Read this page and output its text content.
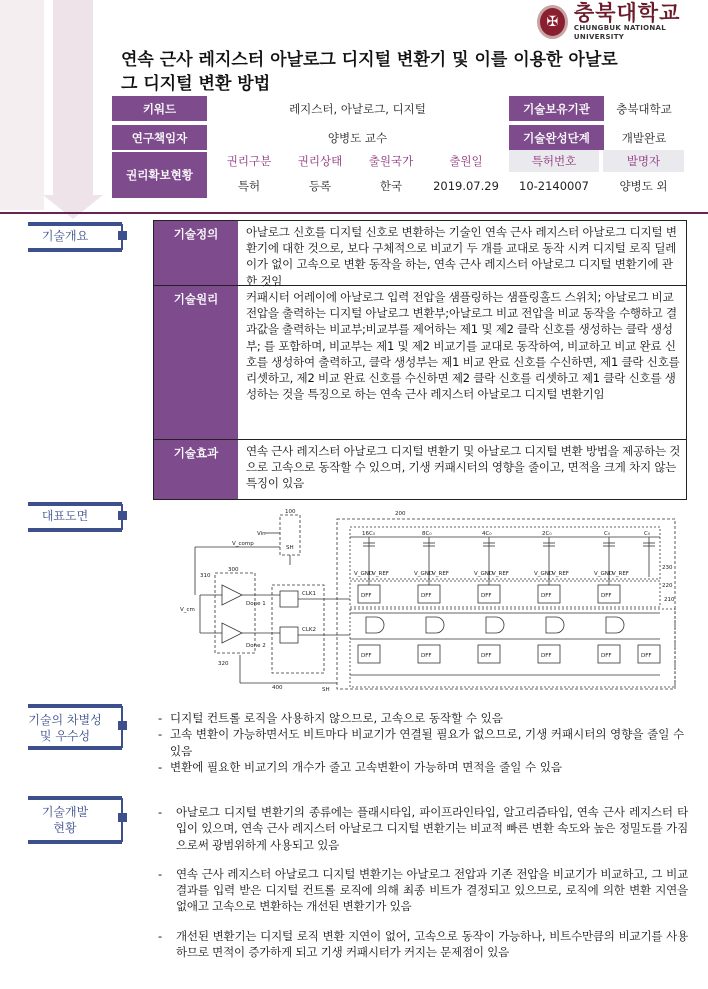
✠ 충북대학교
CHUNGBUK NATIONAL UNIVERSITY
연속 근사 레지스터 아날로그 디지털 변환기 및 이를 이용한 아날로그 디지털 변환 방법
키워드	레지스터, 아날로그, 디지털	기술보유기관	충북대학교
연구책임자	양병도 교수	기술완성단계	개발완료
권리확보현황
권리구분	권리상태	출원국가	출원일	특허번호	발명자
특허	등록	한국	2019.07.29	10-2140007	양병도 외
기술개요	기술정의	아날로그 신호를 디지털 신호로 변환하는 기술인 연속 근사 레지스터 아날로그 디지털 변환기에 대한 것으로, 보다 구체적으로 비교기 두 개를 교대로 동작 시켜 디지털 로직 딜레이가 없이 고속으로 변환 동작을 하는, 연속 근사 레지스터 아날로그 디지털 변환기에 관한 것임
기술원리	커패시터 어레이에 아날로그 입력 전압을 샘플링하는 샘플링홀드 스위치; 아날로그 비교 전압을 출력하는 디지털 아날로그 변환부;아날로그 비교 전압을 비교 동작을 수행하고 결과값을 출력하는 비교부;비교부를 제어하는 제1 및 제2 클락 신호를 생성하는 클락 생성부; 를 포함하며, 비교부는 제1 및 제2 비교기를 교대로 동작하여, 비교하고 비교 완료 신호를 생성하여 출력하고, 클락 생성부는 제1 비교 완료 신호를 수신하면, 제1 클락 신호를 리셋하고, 제2 비교 완료 신호를 수신하면 제2 클락 신호를 리셋하고 제1 클락 신호를 생성하는 것을 특징으로 하는 연속 근사 레지스터 아날로그 디지털 변환기임
기술효과	연속 근사 레지스터 아날로그 디지털 변환기 및 아날로그 디지털 변환 방법을 제공하는 것으로 고속으로 동작할 수 있으며, 기생 커패시터의 영향을 줄이고, 면적을 크게 차지 않는 특징이 있음
대표도면	100	200
210
220
230
300
310
320
400
Vin
SH
SH
V_comp
V_cm
Done 1
Done 2
CLK1
CLK2
16C₀	8C₀	4C₀	2C₀	C₀	C₀
V_GND
V_REF	V_GND
V_REF	V_GND
V_REF	V_GND
V_REF	V_GND
V_REF
DFF	DFF	DFF	DFF	DFF
DFF	DFF	DFF	DFF	DFF	DFF
기술의 차별성
및 우수성
- 디지털 컨트롤 로직을 사용하지 않으므로, 고속으로 동작할 수 있음
- 고속 변환이 가능하면서도 비트마다 비교기가 연결될 필요가 없으므로, 기생 커패시터의 영향을 줄일 수 있음
- 변환에 필요한 비교기의 개수가 줄고 고속변환이 가능하며 면적을 줄일 수 있음
기술개발
현황
- 아날로그 디지털 변환기의 종류에는 플래시타입, 파이프라인타입, 알고리즘타입, 연속 근사 레지스터 타입이 있으며, 연속 근사 레지스터 아날로그 디지털 변환기는 비교적 빠른 변환 속도와 높은 정밀도를 가짐으로써 광범위하게 사용되고 있음
- 연속 근사 레지스터 아날로그 디지털 변환기는 아날로그 전압과 기존 전압을 비교기가 비교하고, 그 비교 결과를 입력 받은 디지털 컨트롤 로직에 의해 최종 비트가 결정되고 있으므로, 로직에 의한 변환 지연을 없애고 고속으로 변환하는 개선된 변환기가 있음
- 개선된 변환기는 디지털 로직 변환 지연이 없어, 고속으로 동작이 가능하나, 비트수만큼의 비교기를 사용하므로 면적이 증가하게 되고 기생 커패시터가 커지는 문제점이 있음
